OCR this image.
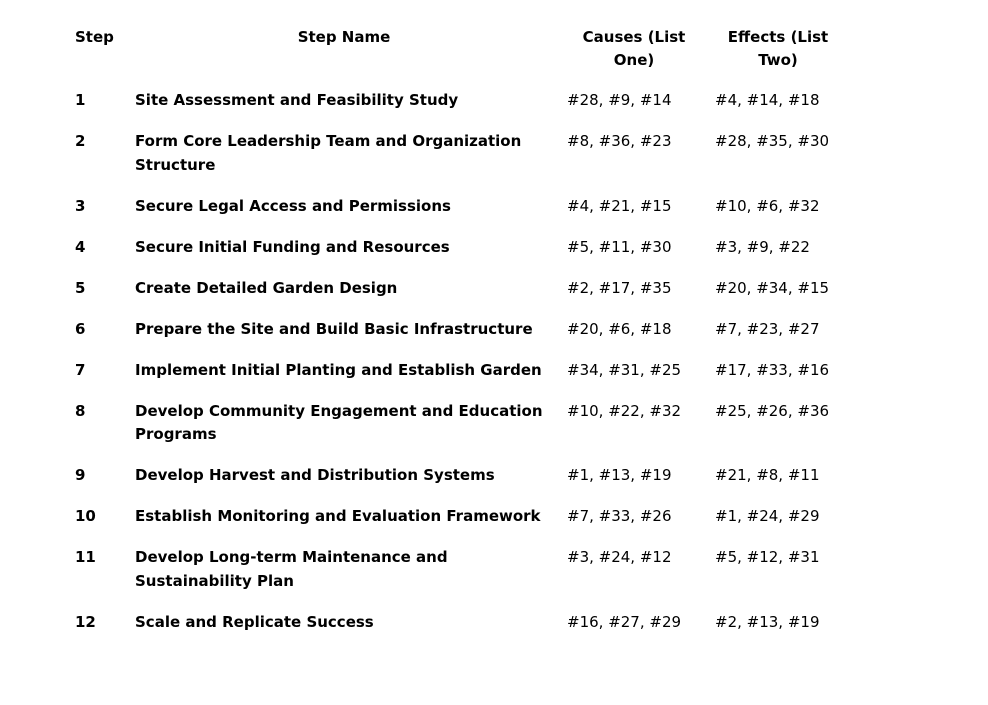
Step	Step Name	Causes (List One)	Effects (List Two)
1	Site Assessment and Feasibility Study	#28, #9, #14	#4, #14, #18
2	Form Core Leadership Team and Organization Structure	#8, #36, #23	#28, #35, #30
3	Secure Legal Access and Permissions	#4, #21, #15	#10, #6, #32
4	Secure Initial Funding and Resources	#5, #11, #30	#3, #9, #22
5	Create Detailed Garden Design	#2, #17, #35	#20, #34, #15
6	Prepare the Site and Build Basic Infrastructure	#20, #6, #18	#7, #23, #27
7	Implement Initial Planting and Establish Garden	#34, #31, #25	#17, #33, #16
8	Develop Community Engagement and Education Programs	#10, #22, #32	#25, #26, #36
9	Develop Harvest and Distribution Systems	#1, #13, #19	#21, #8, #11
10	Establish Monitoring and Evaluation Framework	#7, #33, #26	#1, #24, #29
11	Develop Long-term Maintenance and Sustainability Plan	#3, #24, #12	#5, #12, #31
12	Scale and Replicate Success	#16, #27, #29	#2, #13, #19
